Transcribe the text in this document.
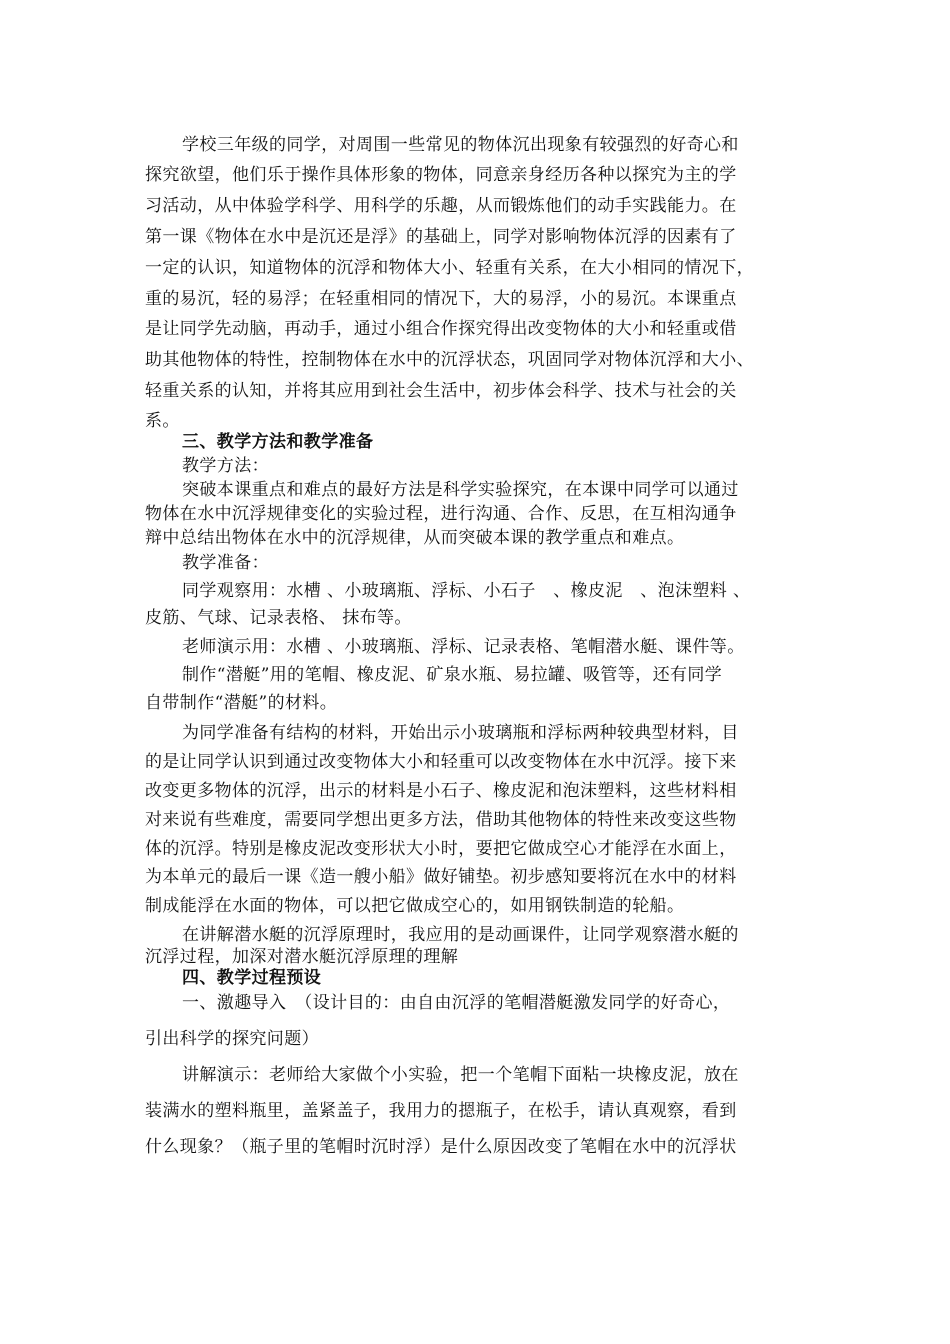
学校三年级的同学，对周围一些常见的物体沉出现象有较强烈的好奇心和
探究欲望，他们乐于操作具体形象的物体，同意亲身经历各种以探究为主的学
习活动，从中体验学科学、用科学的乐趣，从而锻炼他们的动手实践能力。在
第一课《物体在水中是沉还是浮》的基础上，同学对影响物体沉浮的因素有了
一定的认识，知道物体的沉浮和物体大小、轻重有关系，在大小相同的情况下，
重的易沉，轻的易浮；在轻重相同的情况下，大的易浮，小的易沉。本课重点
是让同学先动脑，再动手，通过小组合作探究得出改变物体的大小和轻重或借
助其他物体的特性，控制物体在水中的沉浮状态，巩固同学对物体沉浮和大小、
轻重关系的认知，并将其应用到社会生活中，初步体会科学、技术与社会的关
系。
三、教学方法和教学准备
教学方法：
突破本课重点和难点的最好方法是科学实验探究，在本课中同学可以通过
物体在水中沉浮规律变化的实验过程，进行沟通、合作、反思，在互相沟通争
辩中总结出物体在水中的沉浮规律，从而突破本课的教学重点和难点。
教学准备：
同学观察用：水槽 、小玻璃瓶、浮标、小石子　、橡皮泥　、泡沫塑料 、
皮筋、气球、记录表格、 抹布等。
老师演示用：水槽 、小玻璃瓶、浮标、记录表格、笔帽潜水艇、课件等。
制作“潜艇”用的笔帽、橡皮泥、矿泉水瓶、易拉罐、吸管等，还有同学
自带制作“潜艇”的材料。
为同学准备有结构的材料，开始出示小玻璃瓶和浮标两种较典型材料，目
的是让同学认识到通过改变物体大小和轻重可以改变物体在水中沉浮。接下来
改变更多物体的沉浮，出示的材料是小石子、橡皮泥和泡沫塑料，这些材料相
对来说有些难度，需要同学想出更多方法，借助其他物体的特性来改变这些物
体的沉浮。特别是橡皮泥改变形状大小时，要把它做成空心才能浮在水面上，
为本单元的最后一课《造一艘小船》做好铺垫。初步感知要将沉在水中的材料
制成能浮在水面的物体，可以把它做成空心的，如用钢铁制造的轮船。
在讲解潜水艇的沉浮原理时，我应用的是动画课件，让同学观察潜水艇的
沉浮过程，加深对潜水艇沉浮原理的理解
四、教学过程预设
一、激趣导入　（设计目的：由自由沉浮的笔帽潜艇激发同学的好奇心，
引出科学的探究问题）
讲解演示：老师给大家做个小实验，把一个笔帽下面粘一块橡皮泥，放在
装满水的塑料瓶里，盖紧盖子，我用力的摁瓶子，在松手，请认真观察，看到
什么现象？（瓶子里的笔帽时沉时浮）是什么原因改变了笔帽在水中的沉浮状
